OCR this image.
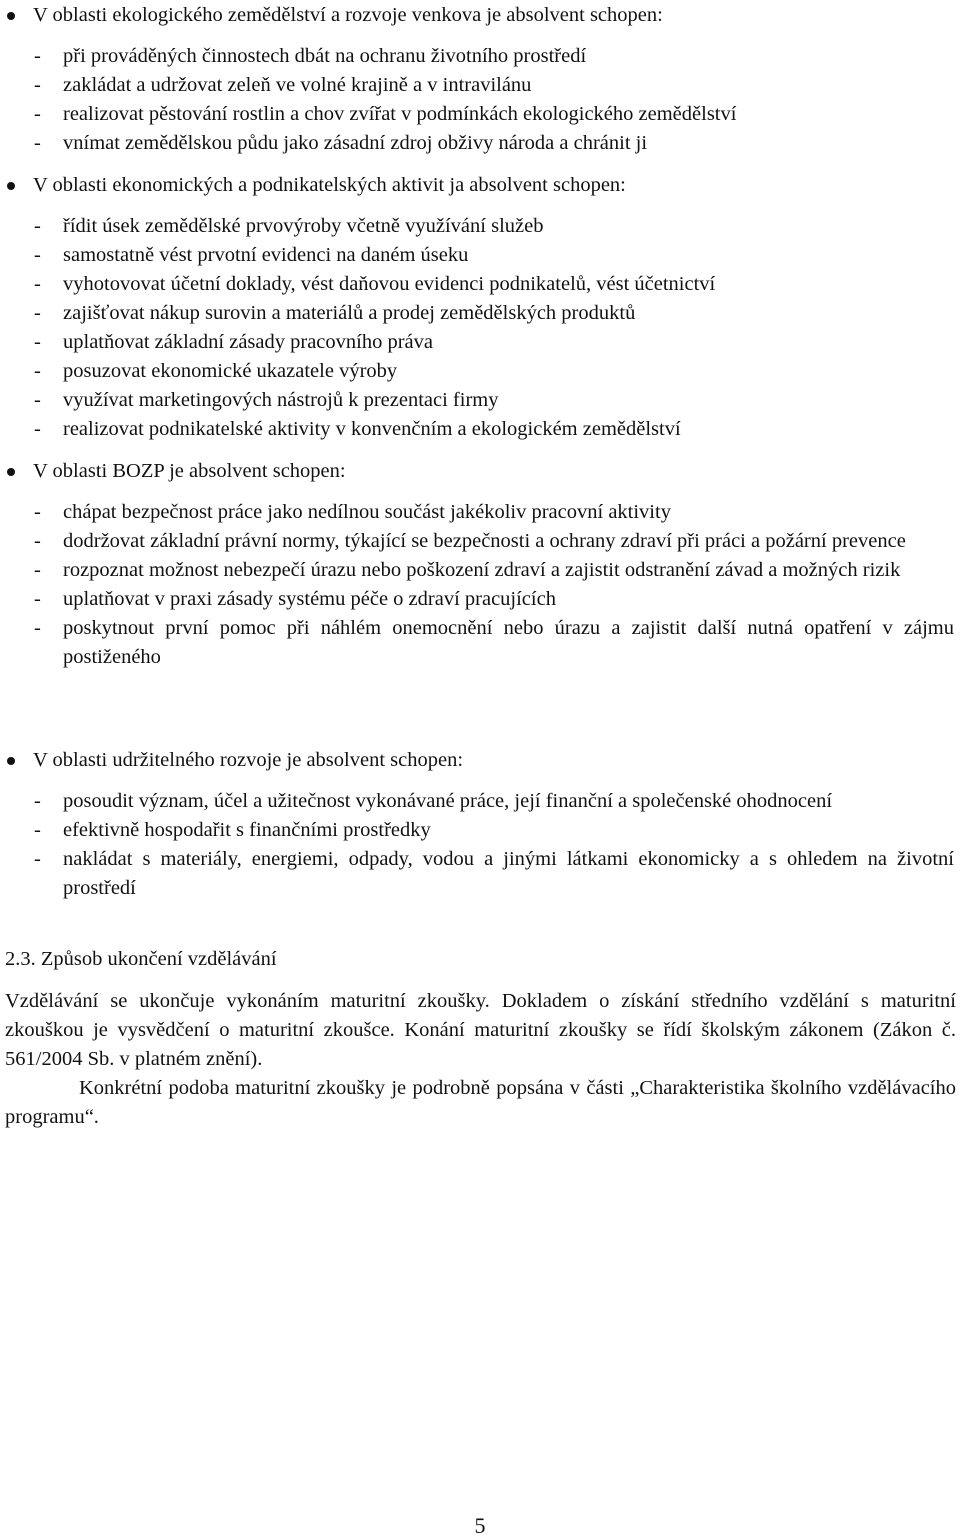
V oblasti ekologického zemědělství a rozvoje venkova je absolvent schopen:
- při prováděných činnostech dbát na ochranu životního prostředí
- zakládat a udržovat zeleň ve volné krajině a v intravilánu
- realizovat pěstování rostlin a chov zvířat v podmínkách ekologického zemědělství
- vnímat zemědělskou půdu jako zásadní zdroj obživy národa a chránit ji
V oblasti ekonomických a podnikatelských aktivit ja absolvent schopen:
- řídit úsek zemědělské prvovýroby včetně využívání služeb
- samostatně vést prvotní evidenci na daném úseku
- vyhotovovat účetní doklady, vést daňovou evidenci podnikatelů, vést účetnictví
- zajišťovat nákup surovin a materiálů a prodej zemědělských produktů
- uplatňovat základní zásady pracovního práva
- posuzovat ekonomické ukazatele výroby
- využívat marketingových nástrojů k prezentaci firmy
- realizovat podnikatelské aktivity v konvenčním a ekologickém zemědělství
V oblasti BOZP je absolvent schopen:
- chápat bezpečnost práce jako nedílnou součást jakékoliv pracovní aktivity
- dodržovat základní právní normy, týkající se bezpečnosti a ochrany zdraví při práci a požární prevence
- rozpoznat možnost nebezpečí úrazu nebo poškození zdraví a zajistit odstranění závad a možných rizik
- uplatňovat v praxi zásady systému péče o zdraví pracujících
- poskytnout první pomoc při náhlém onemocnění nebo úrazu a zajistit další nutná opatření v zájmu postiženého
V oblasti udržitelného rozvoje je absolvent schopen:
- posoudit význam, účel a užitečnost vykonávané práce, její finanční a společenské ohodnocení
- efektivně hospodařit s finančními prostředky
- nakládat s materiály, energiemi, odpady, vodou a jinými látkami ekonomicky a s ohledem na životní prostředí
2.3. Způsob ukončení vzdělávání
Vzdělávání se ukončuje vykonáním maturitní zkoušky. Dokladem o získání středního vzdělání s maturitní zkouškou je vysvědčení o maturitní zkoušce. Konání maturitní zkoušky se řídí školským zákonem (Zákon č. 561/2004 Sb. v platném znění).
Konkrétní podoba maturitní zkoušky je podrobně popsána v části „Charakteristika školního vzdělávacího programu“.
5
